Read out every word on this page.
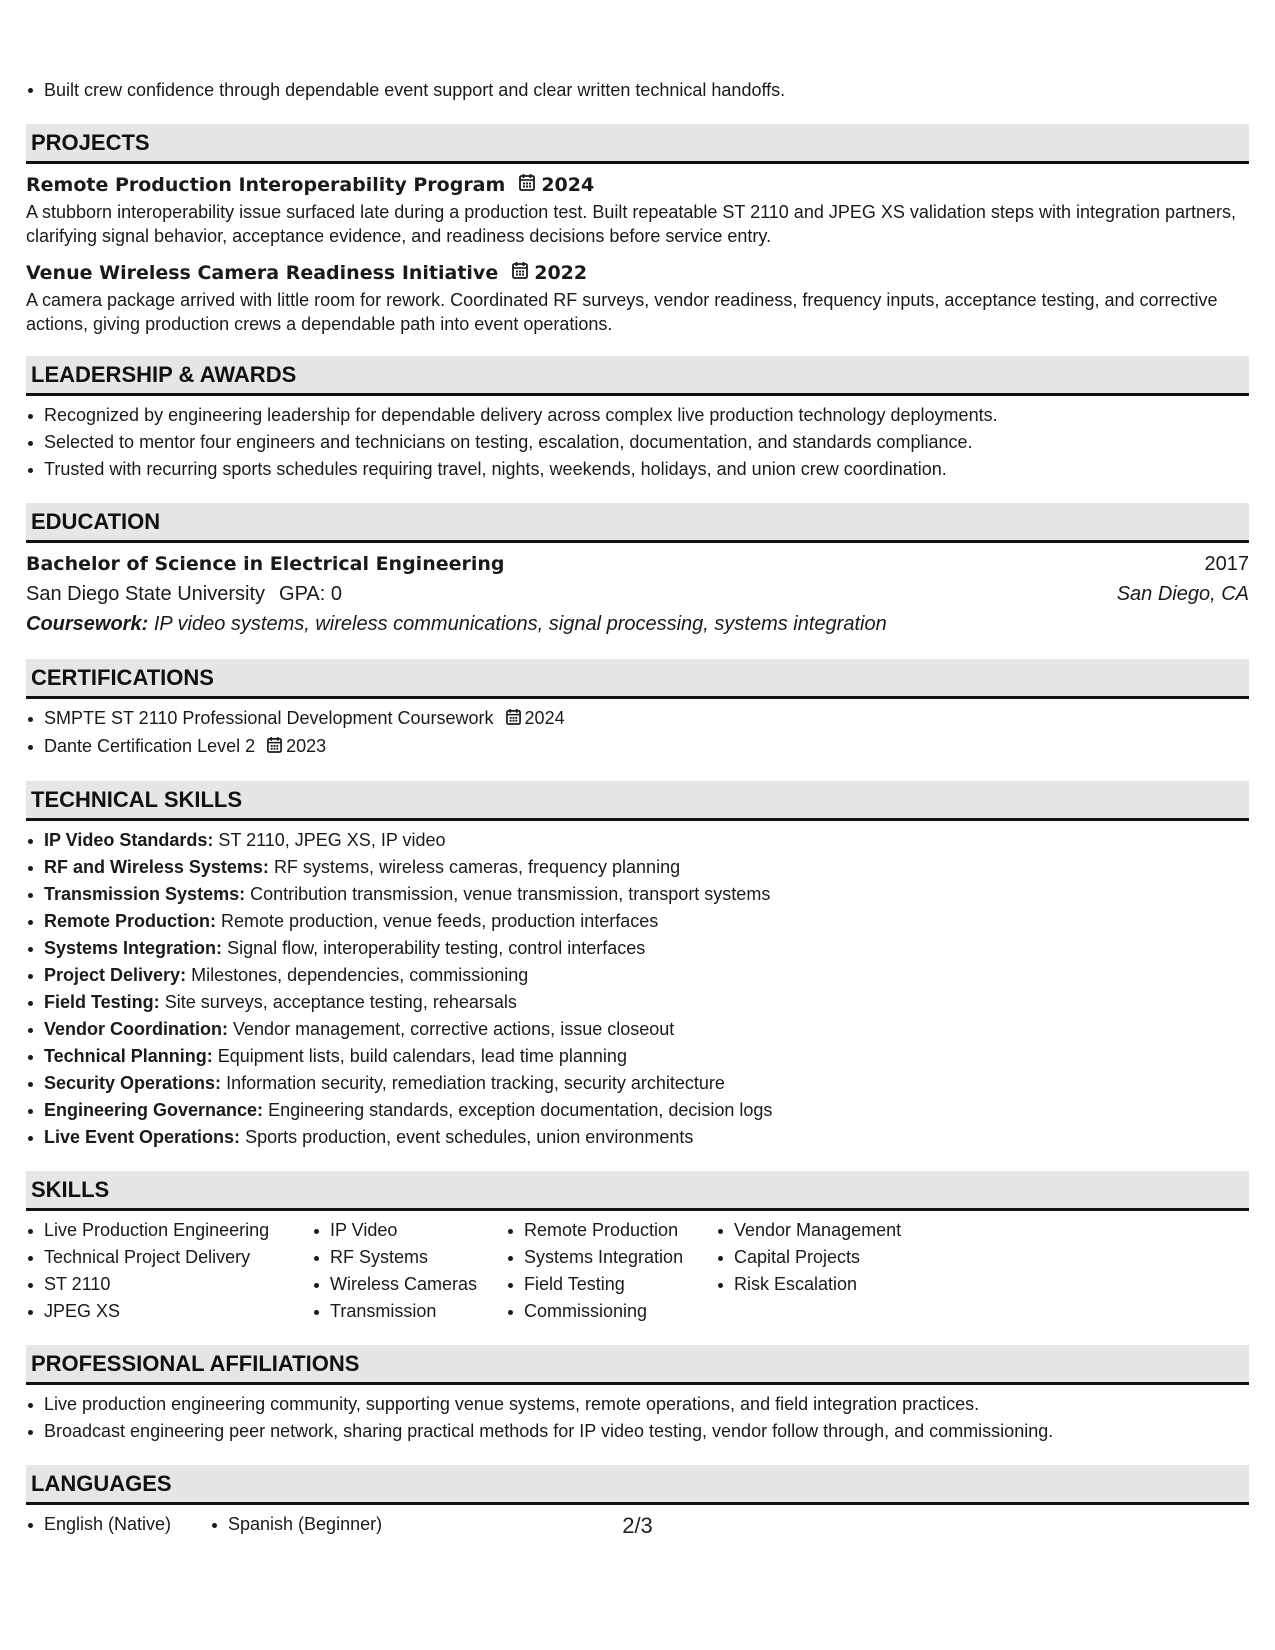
Built crew confidence through dependable event support and clear written technical handoffs.
PROJECTS
Remote Production Interoperability Program 2024
A stubborn interoperability issue surfaced late during a production test. Built repeatable ST 2110 and JPEG XS validation steps with integration partners, clarifying signal behavior, acceptance evidence, and readiness decisions before service entry.
Venue Wireless Camera Readiness Initiative 2022
A camera package arrived with little room for rework. Coordinated RF surveys, vendor readiness, frequency inputs, acceptance testing, and corrective actions, giving production crews a dependable path into event operations.
LEADERSHIP & AWARDS
Recognized by engineering leadership for dependable delivery across complex live production technology deployments.
Selected to mentor four engineers and technicians on testing, escalation, documentation, and standards compliance.
Trusted with recurring sports schedules requiring travel, nights, weekends, holidays, and union crew coordination.
EDUCATION
Bachelor of Science in Electrical Engineering	2017
San Diego State University GPA: 0	San Diego, CA
Coursework: IP video systems, wireless communications, signal processing, systems integration
CERTIFICATIONS
SMPTE ST 2110 Professional Development Coursework 2024
Dante Certification Level 2 2023
TECHNICAL SKILLS
IP Video Standards: ST 2110, JPEG XS, IP video
RF and Wireless Systems: RF systems, wireless cameras, frequency planning
Transmission Systems: Contribution transmission, venue transmission, transport systems
Remote Production: Remote production, venue feeds, production interfaces
Systems Integration: Signal flow, interoperability testing, control interfaces
Project Delivery: Milestones, dependencies, commissioning
Field Testing: Site surveys, acceptance testing, rehearsals
Vendor Coordination: Vendor management, corrective actions, issue closeout
Technical Planning: Equipment lists, build calendars, lead time planning
Security Operations: Information security, remediation tracking, security architecture
Engineering Governance: Engineering standards, exception documentation, decision logs
Live Event Operations: Sports production, event schedules, union environments
SKILLS
Live Production Engineering
Technical Project Delivery
ST 2110
JPEG XS
IP Video
RF Systems
Wireless Cameras
Transmission
Remote Production
Systems Integration
Field Testing
Commissioning
Vendor Management
Capital Projects
Risk Escalation
PROFESSIONAL AFFILIATIONS
Live production engineering community, supporting venue systems, remote operations, and field integration practices.
Broadcast engineering peer network, sharing practical methods for IP video testing, vendor follow through, and commissioning.
LANGUAGES
English (Native)	Spanish (Beginner)	2/3
